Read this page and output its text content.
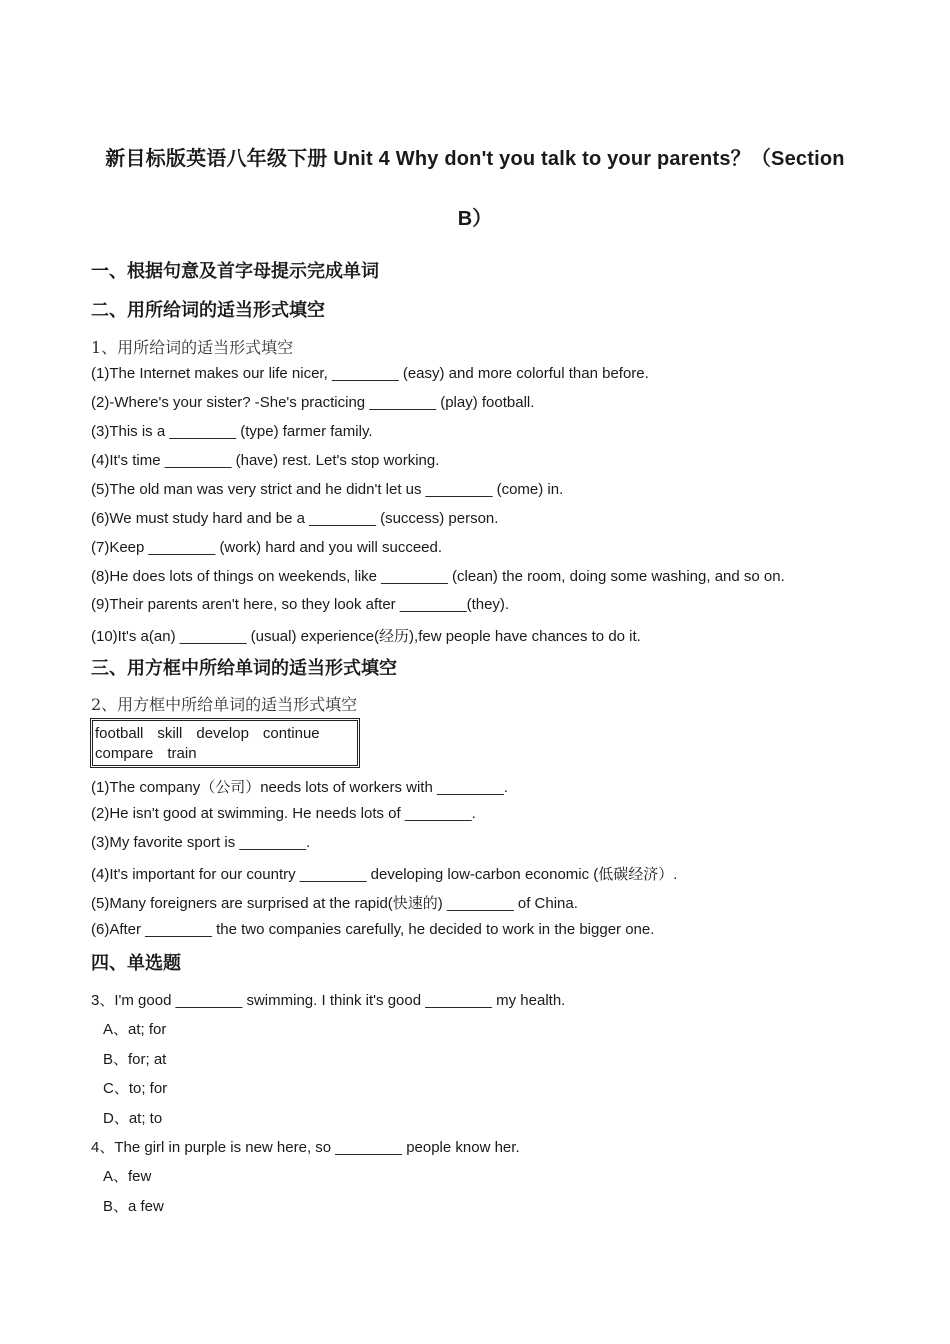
新目标版英语八年级下册 Unit 4 Why don't you talk to your parents？（Section
B）
一、根据句意及首字母提示完成单词
二、用所给词的适当形式填空
1、用所给词的适当形式填空
(1)The Internet makes our life nicer, ________ (easy) and more colorful than before.
(2)-Where's your sister? -She's practicing ________ (play) football.
(3)This is a ________ (type) farmer family.
(4)It's time ________ (have) rest. Let's stop working.
(5)The old man was very strict and he didn't let us ________ (come) in.
(6)We must study hard and be a ________ (success) person.
(7)Keep ________ (work) hard and you will succeed.
(8)He does lots of things on weekends, like ________ (clean) the room, doing some washing, and so on.
(9)Their parents aren't here, so they look after ________(they).
(10)It's a(an) ________ (usual) experience(经历),few people have chances to do it.
三、用方框中所给单词的适当形式填空
2、用方框中所给单词的适当形式填空
football skill develop continue
compare train
(1)The company（公司）needs lots of workers with ________.
(2)He isn't good at swimming. He needs lots of ________.
(3)My favorite sport is ________.
(4)It's important for our country ________ developing low-carbon economic (低碳经济）.
(5)Many foreigners are surprised at the rapid(快速的) ________ of China.
(6)After ________ the two companies carefully, he decided to work in the bigger one.
四、单选题
3、I'm good ________ swimming. I think it's good ________ my health.
A、at; for
B、for; at
C、to; for
D、at; to
4、The girl in purple is new here, so ________ people know her.
A、few
B、a few
